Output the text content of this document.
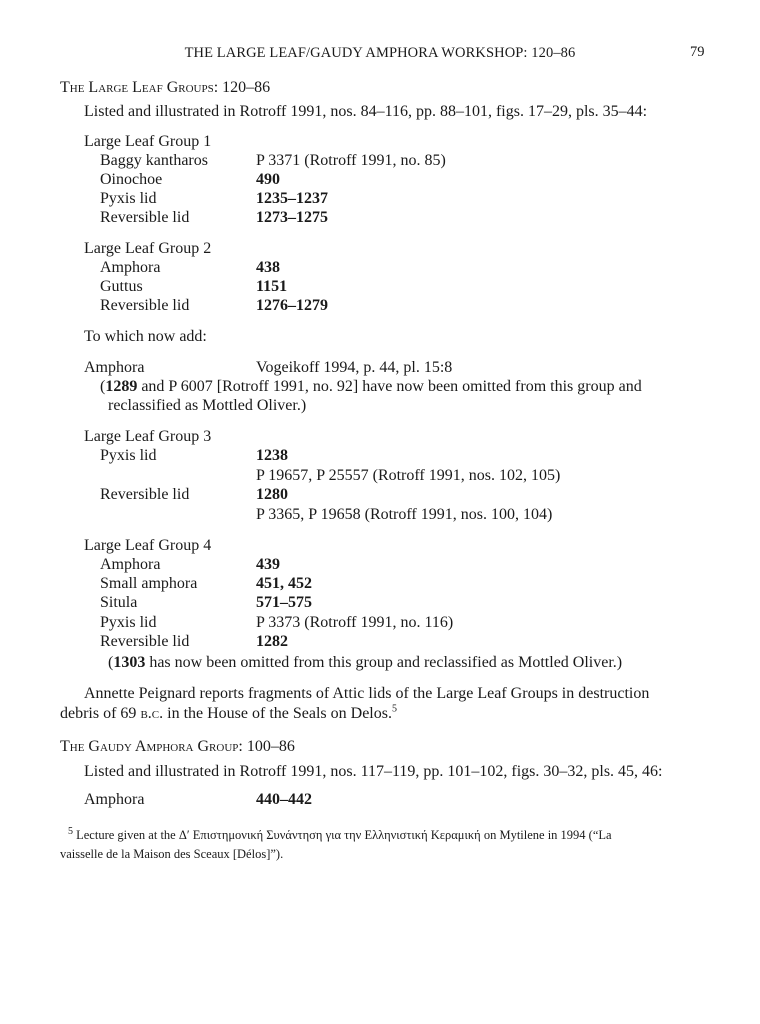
THE LARGE LEAF/GAUDY AMPHORA WORKSHOP: 120–86	79
The Large Leaf Groups: 120–86
Listed and illustrated in Rotroff 1991, nos. 84–116, pp. 88–101, figs. 17–29, pls. 35–44:
Large Leaf Group 1
Baggy kantharos	P 3371 (Rotroff 1991, no. 85)
Oinochoe	490
Pyxis lid	1235–1237
Reversible lid	1273–1275
Large Leaf Group 2
Amphora	438
Guttus	1151
Reversible lid	1276–1279
To which now add:
Amphora	Vogeikoff 1994, p. 44, pl. 15:8
(1289 and P 6007 [Rotroff 1991, no. 92] have now been omitted from this group and
reclassified as Mottled Oliver.)
Large Leaf Group 3
Pyxis lid	1238
P 19657, P 25557 (Rotroff 1991, nos. 102, 105)
Reversible lid	1280
P 3365, P 19658 (Rotroff 1991, nos. 100, 104)
Large Leaf Group 4
Amphora	439
Small amphora	451, 452
Situla	571–575
Pyxis lid	P 3373 (Rotroff 1991, no. 116)
Reversible lid	1282
(1303 has now been omitted from this group and reclassified as Mottled Oliver.)
Annette Peignard reports fragments of Attic lids of the Large Leaf Groups in destruction
debris of 69 b.c. in the House of the Seals on Delos.$^5$
The Gaudy Amphora Group: 100–86
Listed and illustrated in Rotroff 1991, nos. 117–119, pp. 101–102, figs. 30–32, pls. 45, 46:
Amphora	440–442
$^5$ Lecture given at the Δ′ Επιστημονική Συνάντηση για την Ελληνιστική Κεραμική on Mytilene in 1994 (“La
vaisselle de la Maison des Sceaux [Délos]”).
